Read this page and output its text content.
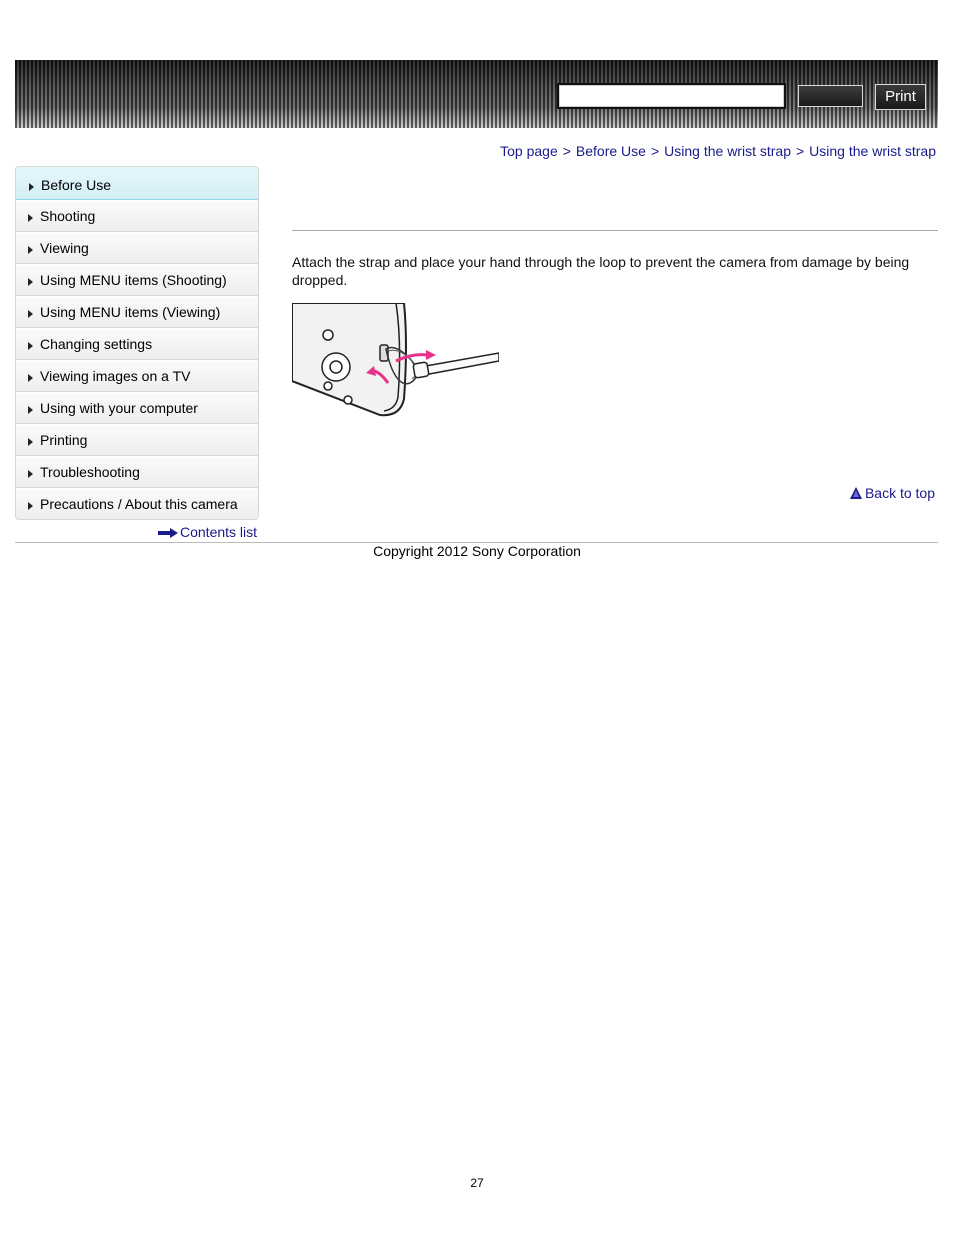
Print
Top page > Before Use > Using the wrist strap > Using the wrist strap
Before Use
Shooting
Viewing
Using MENU items (Shooting)
Using MENU items (Viewing)
Changing settings
Viewing images on a TV
Using with your computer
Printing
Troubleshooting
Precautions / About this camera
Contents list
Attach the strap and place your hand through the loop to prevent the camera from damage by being dropped.
Back to top
Copyright 2012 Sony Corporation
27
